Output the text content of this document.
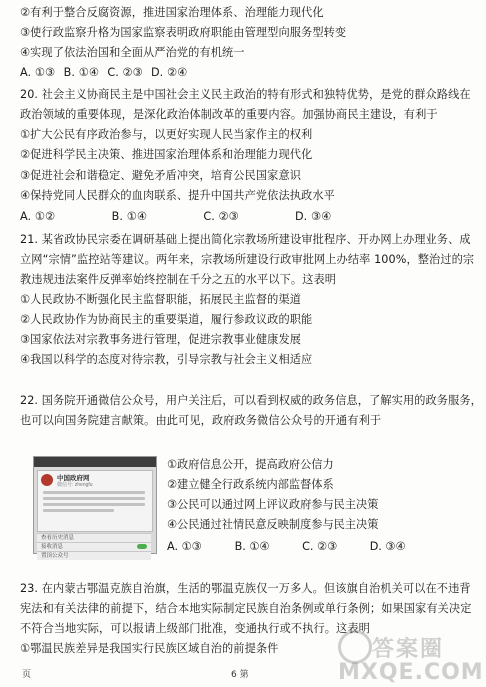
②有利于整合反腐资源，推进国家治理体系、治理能力现代化
③使行政监察升格为国家监察表明政府职能由管理型向服务型转变
④实现了依法治国和全面从严治党的有机统一
A. ①③ B. ①④ C. ②③ D. ②④
20. 社会主义协商民主是中国社会主义民主政治的特有形式和独特优势，是党的群众路线在
政治领域的重要体现，是深化政治体制改革的重要内容。加强协商民主建设，有利于
①扩大公民有序政治参与，以更好实现人民当家作主的权利
②促进科学民主决策、推进国家治理体系和治理能力现代化
③促进社会和谐稳定、避免矛盾冲突，培育公民国家意识
④保持党同人民群众的血肉联系、提升中国共产党依法执政水平
A. ①②	B. ①④	C. ②③	D. ③④
21. 某省政协民宗委在调研基础上提出简化宗教场所建设审批程序、开办网上办理业务、成
立网“宗情”监控站等建议。两年来，宗教场所建设行政审批网上办结率 100%，整治过的宗
教违规违法案件反弹率始终控制在千分之五的水平以下。这表明
①人民政协不断强化民主监督职能，拓展民主监督的渠道
②人民政协作为协商民主的重要渠道，履行参政议政的职能
③国家依法对宗教事务进行管理，促进宗教事业健康发展
④我国以科学的态度对待宗教，引导宗教与社会主义相适应
22. 国务院开通微信公众号，用户关注后，可以看到权威的政务信息，了解实用的政务服务，
也可以向国务院建言献策。由此可见，政府政务微信公众号的开通有利于
中国政府网
微信号: zhengfu
查看历史消息
接收消息
置顶公众号
①政府信息公开，提高政府公信力
②建立健全行政系统内部监督体系
③公民可以通过网上评议政府参与民主决策
④公民通过社情民意反映制度参与民主决策
A. ①③	B. ①④	C. ②③	D. ③④
23. 在内蒙古鄂温克族自治旗，生活的鄂温克族仅一万多人。但该旗自治机关可以在不违背
宪法和有关法律的前提下，结合本地实际制定民族自治条例或单行条例；如果国家有关决定
不符合当地实际，可以报请上级部门批准，变通执行或不执行。这表明
①鄂温民族差异是我国实行民族区域自治的前提条件	答案圈
MXQE.COM
页	6 第
